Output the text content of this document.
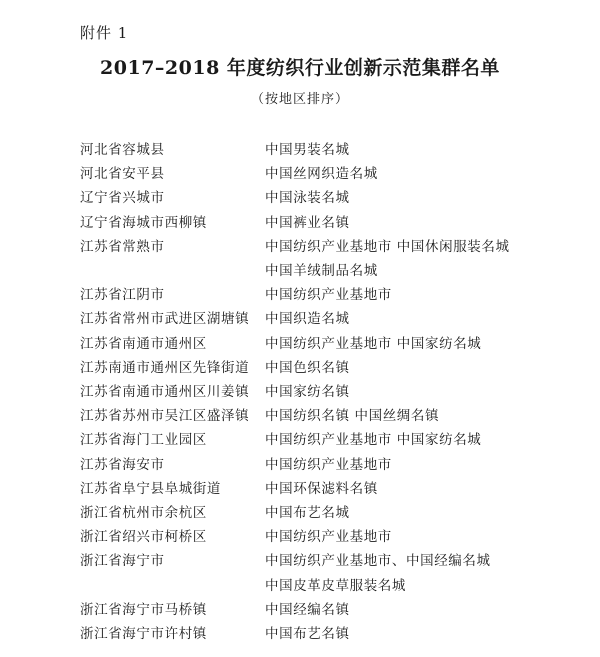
附件 1
2017–2018 年度纺织行业创新示范集群名单
（按地区排序）
河北省容城县	中国男装名城
河北省安平县	中国丝网织造名城
辽宁省兴城市	中国泳装名城
辽宁省海城市西柳镇	中国裤业名镇
江苏省常熟市	中国纺织产业基地市 中国休闲服装名城
中国羊绒制品名城
江苏省江阴市	中国纺织产业基地市
江苏省常州市武进区湖塘镇	中国织造名城
江苏省南通市通州区	中国纺织产业基地市 中国家纺名城
江苏南通市通州区先锋街道	中国色织名镇
江苏省南通市通州区川姜镇	中国家纺名镇
江苏省苏州市吴江区盛泽镇	中国纺织名镇 中国丝绸名镇
江苏省海门工业园区	中国纺织产业基地市 中国家纺名城
江苏省海安市	中国纺织产业基地市
江苏省阜宁县阜城街道	中国环保滤料名镇
浙江省杭州市余杭区	中国布艺名城
浙江省绍兴市柯桥区	中国纺织产业基地市
浙江省海宁市	中国纺织产业基地市、中国经编名城
中国皮革皮草服装名城
浙江省海宁市马桥镇	中国经编名镇
浙江省海宁市许村镇	中国布艺名镇
